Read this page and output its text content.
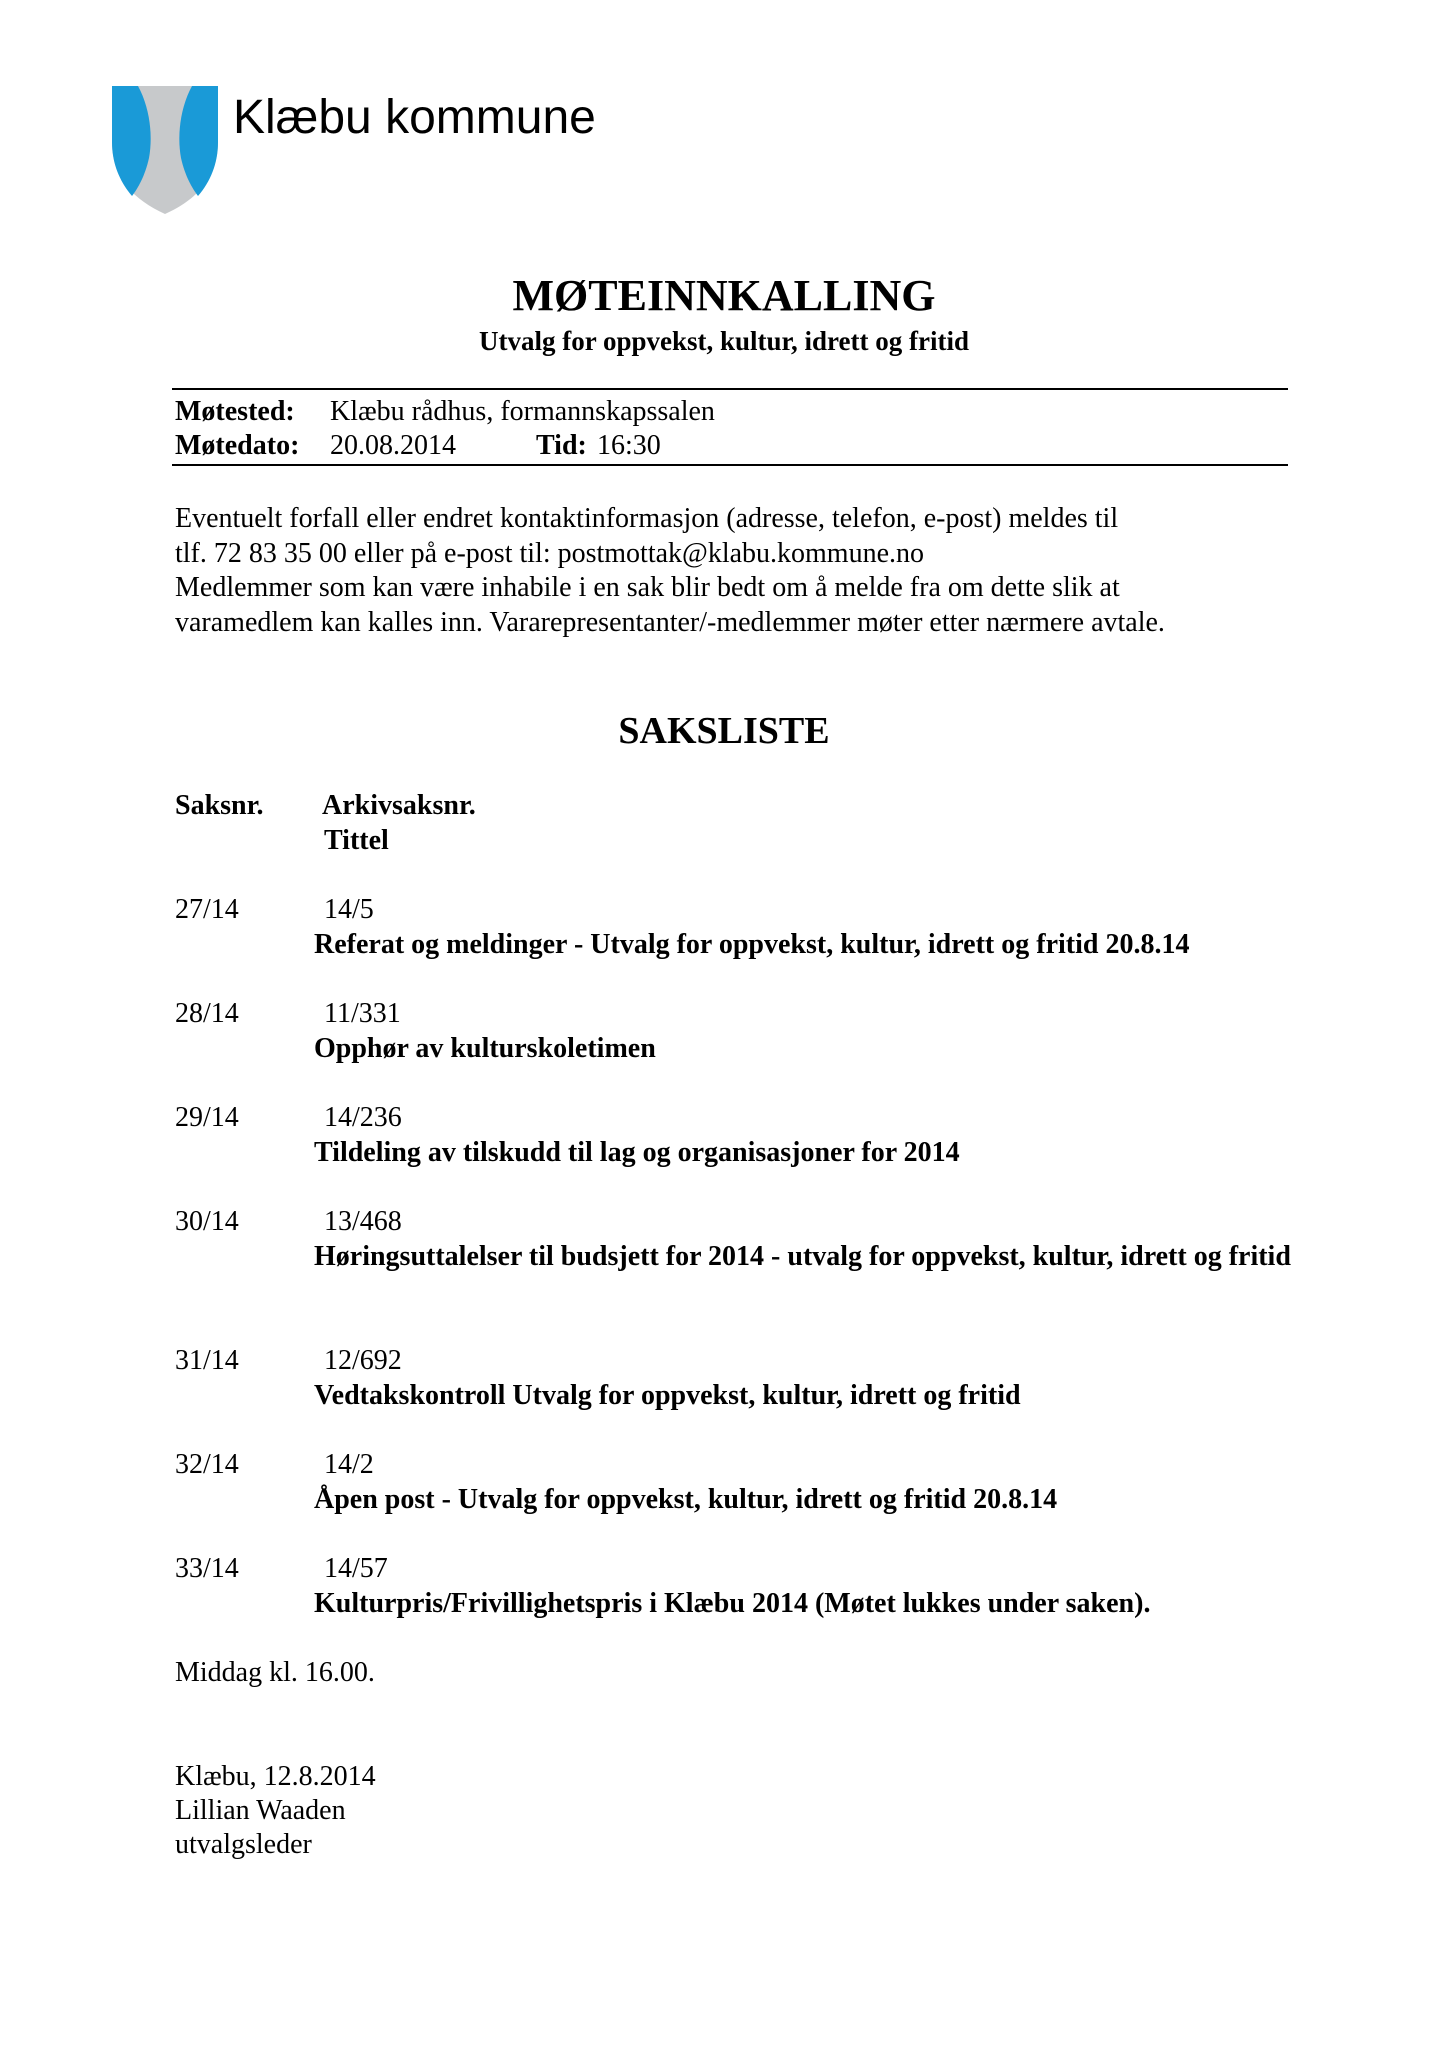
Klæbu kommune
MØTEINNKALLING
Utvalg for oppvekst, kultur, idrett og fritid
Møtested: Klæbu rådhus, formannskapssalen
Møtedato: 20.08.2014	Tid: 16:30

Eventuelt forfall eller endret kontaktinformasjon (adresse, telefon, e-post) meldes til

tlf. 72 83 35 00 eller på e-post til: postmottak@klabu.kommune.no

Medlemmer som kan være inhabile i en sak blir bedt om å melde fra om dette slik at

varamedlem kan kalles inn. Vararepresentanter/-medlemmer møter etter nærmere avtale.

SAKSLISTE
Saksnr. Arkivsaksnr.
Tittel
27/14	14/5
Referat og meldinger - Utvalg for oppvekst, kultur, idrett og fritid 20.8.14
28/14	11/331
Opphør av kulturskoletimen
29/14	14/236
Tildeling av tilskudd til lag og organisasjoner for 2014
30/14	13/468
Høringsuttalelser til budsjett for 2014 - utvalg for oppvekst, kultur, idrett og fritid
31/14	12/692
Vedtakskontroll Utvalg for oppvekst, kultur, idrett og fritid
32/14	14/2
Åpen post - Utvalg for oppvekst, kultur, idrett og fritid 20.8.14
33/14	14/57
Kulturpris/Frivillighetspris i Klæbu 2014 (Møtet lukkes under saken).
Middag kl. 16.00.
Klæbu, 12.8.2014
Lillian Waaden
utvalgsleder
